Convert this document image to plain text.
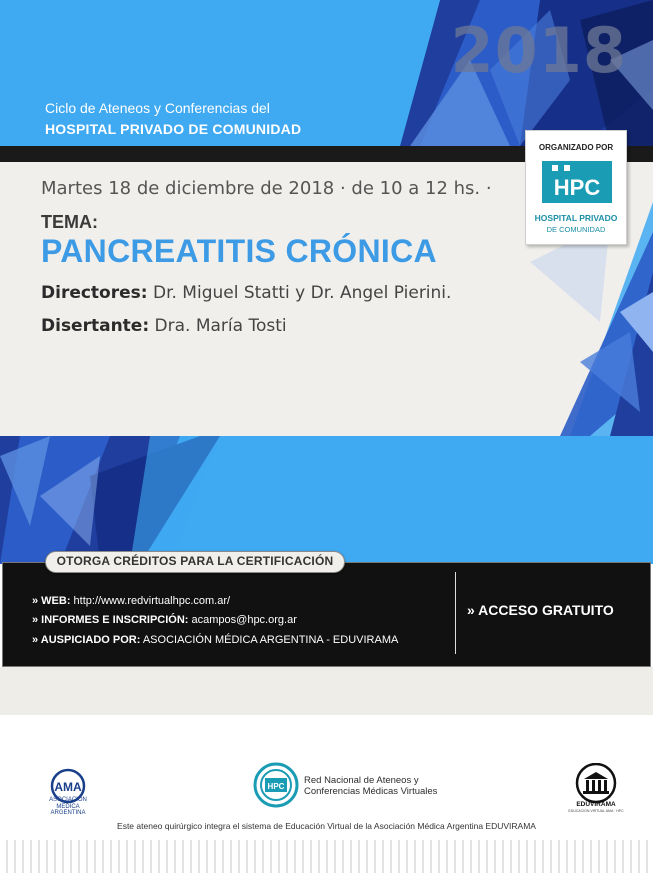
2018
Ciclo de Ateneos y Conferencias del
HOSPITAL PRIVADO DE COMUNIDAD
Martes 18 de diciembre de 2018 · de 10 a 12 hs. ·
TEMA:
PANCREATITIS CRÓNICA
Directores: Dr. Miguel Statti y Dr. Angel Pierini.
Disertante: Dra. María Tosti
ORGANIZADO POR
HPC
HOSPITAL PRIVADO
DE COMUNIDAD
OTORGA CRÉDITOS PARA LA CERTIFICACIÓN
» WEB: http://www.redvirtualhpc.com.ar/
» INFORMES E INSCRIPCIÓN: acampos@hpc.org.ar
» AUSPICIADO POR: ASOCIACIÓN MÉDICA ARGENTINA - EDUVIRAMA
» ACCESO GRATUITO
AMA
ASOCIACION
MEDICA
ARGENTINA
HPC
Red Nacional de Ateneos y
Conferencias Médicas Virtuales
EDUVIRAMA
EDUCACION VIRTUAL AMA · HPC
Este ateneo quirúrgico integra el sistema de Educación Virtual de la Asociación Médica Argentina EDUVIRAMA
